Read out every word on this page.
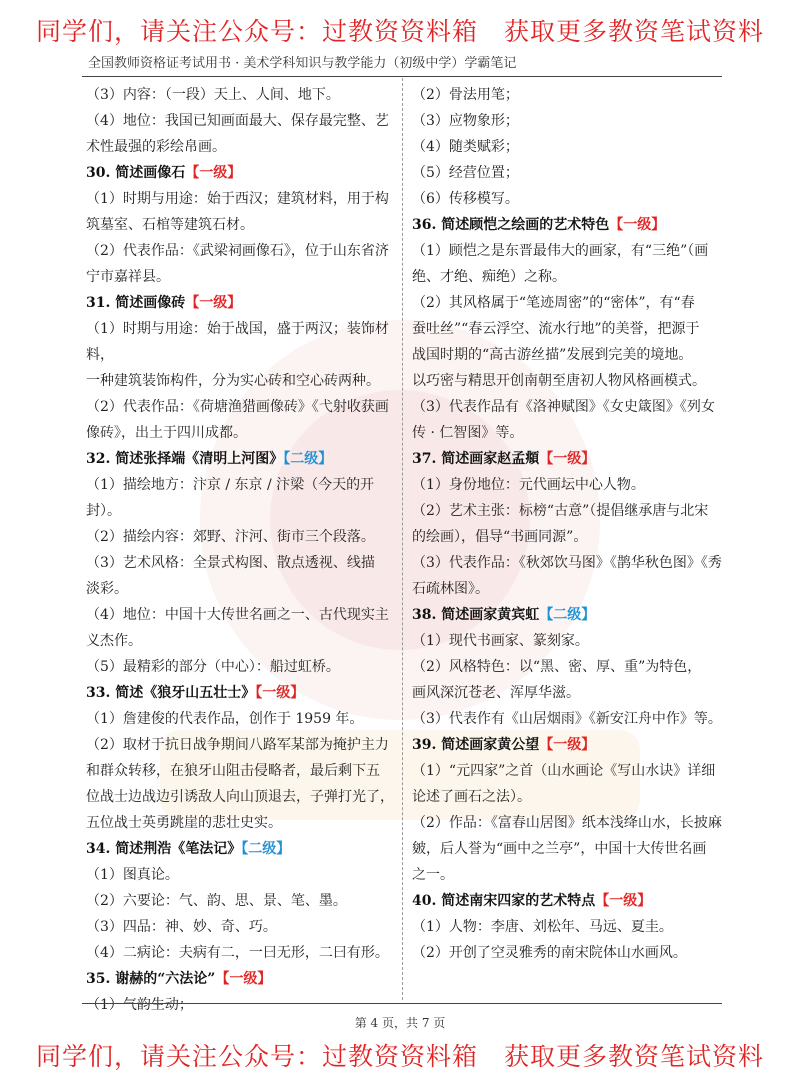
同学们，请关注公众号：过教资资料箱　获取更多教资笔试资料
全国教师资格证考试用书 · 美术学科知识与教学能力（初级中学）学霸笔记

（3）内容：（一段）天上、人间、地下。

（4）地位：我国已知画面最大、保存最完整、艺

术性最强的彩绘帛画。

30. 简述画像石【一级】

（1）时期与用途：始于西汉；建筑材料，用于构

筑墓室、石棺等建筑石材。

（2）代表作品：《武梁祠画像石》，位于山东省济

宁市嘉祥县。

31. 简述画像砖【一级】

（1）时期与用途：始于战国，盛于两汉；装饰材料，

一种建筑装饰构件，分为实心砖和空心砖两种。

（2）代表作品：《荷塘渔猎画像砖》《弋射收获画

像砖》，出土于四川成都。

32. 简述张择端《清明上河图》【二级】

（1）描绘地方：汴京 / 东京 / 汴梁（今天的开封）。

（2）描绘内容：郊野、汴河、街市三个段落。

（3）艺术风格：全景式构图、散点透视、线描

淡彩。

（4）地位：中国十大传世名画之一、古代现实主

义杰作。

（5）最精彩的部分（中心）：船过虹桥。

33. 简述《狼牙山五壮士》【一级】

（1）詹建俊的代表作品，创作于 1959 年。

（2）取材于抗日战争期间八路军某部为掩护主力

和群众转移，在狼牙山阻击侵略者，最后剩下五

位战士边战边引诱敌人向山顶退去，子弹打光了，

五位战士英勇跳崖的悲壮史实。

34. 简述荆浩《笔法记》【二级】

（1）图真论。

（2）六要论：气、韵、思、景、笔、墨。

（3）四品：神、妙、奇、巧。

（4）二病论：夫病有二，一曰无形，二曰有形。

35. 谢赫的“六法论”【一级】

（1）气韵生动；

（2）骨法用笔；

（3）应物象形；

（4）随类赋彩；

（5）经营位置；

（6）传移模写。

36. 简述顾恺之绘画的艺术特色【一级】

（1）顾恺之是东晋最伟大的画家，有“三绝”（画

绝、才绝、痴绝）之称。

（2）其风格属于“笔迹周密”的“密体”，有“春

蚕吐丝”“春云浮空、流水行地”的美誉，把源于

战国时期的“高古游丝描”发展到完美的境地。

以巧密与精思开创南朝至唐初人物风格画模式。

（3）代表作品有《洛神赋图》《女史箴图》《列女

传 · 仁智图》等。

37. 简述画家赵孟頫【一级】

（1）身份地位：元代画坛中心人物。

（2）艺术主张：标榜“古意”（提倡继承唐与北宋

的绘画），倡导“书画同源”。

（3）代表作品：《秋郊饮马图》《鹊华秋色图》《秀

石疏林图》。

38. 简述画家黄宾虹【二级】

（1）现代书画家、篆刻家。

（2）风格特色：以“黑、密、厚、重”为特色，

画风深沉苍老、浑厚华滋。

（3）代表作有《山居烟雨》《新安江舟中作》等。

39. 简述画家黄公望【一级】

（1）“元四家”之首（山水画论《写山水诀》详细

论述了画石之法）。

（2）作品：《富春山居图》纸本浅绛山水，长披麻

皴，后人誉为“画中之兰亭”，中国十大传世名画

之一。

40. 简述南宋四家的艺术特点【一级】

（1）人物：李唐、刘松年、马远、夏圭。

（2）开创了空灵雅秀的南宋院体山水画风。

第 4 页，共 7 页
同学们，请关注公众号：过教资资料箱　获取更多教资笔试资料
